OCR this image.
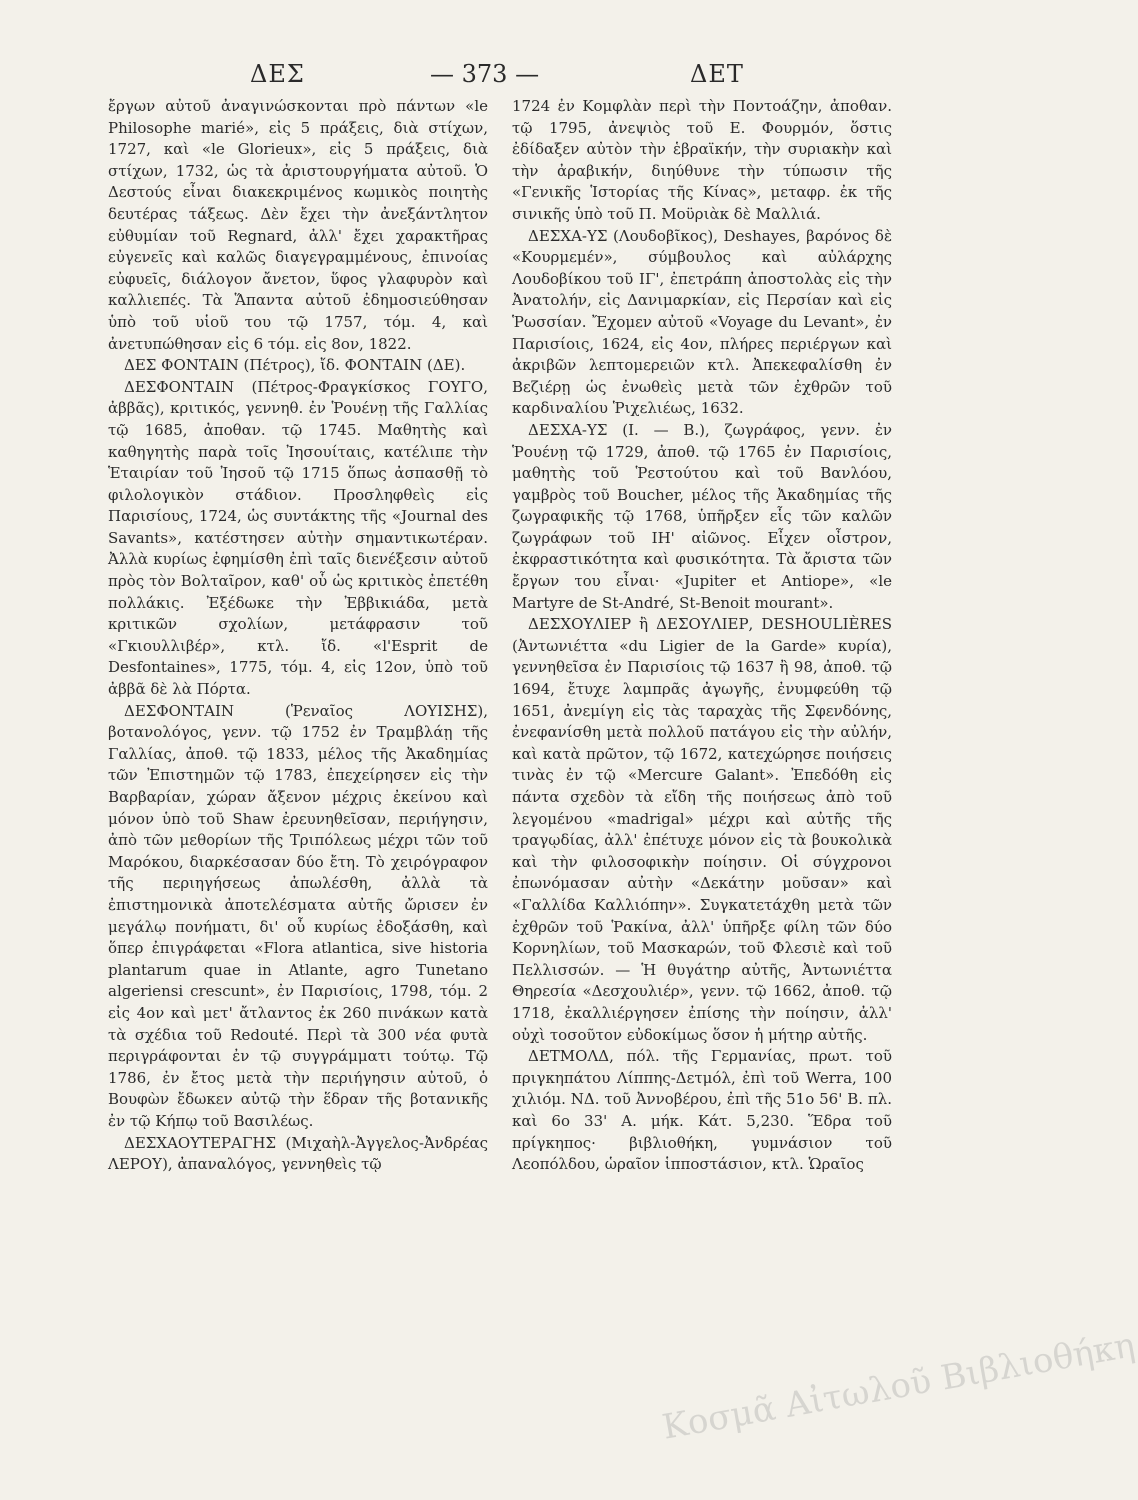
ΔΕΣ	— 373 —	ΔΕΤ

ἔργων αὐτοῦ ἀναγινώσκονται πρὸ πάντων «le Philosophe marié», εἰς 5 πράξεις, διὰ στίχων, 1727, καὶ «le Glorieux», εἰς 5 πράξεις, διὰ στίχων, 1732, ὡς τὰ ἀριστουργήματα αὐτοῦ. Ὁ Δεστούς εἶναι διακεκριμένος κωμικὸς ποιητὴς δευτέρας τάξεως. Δὲν ἔχει τὴν ἀνεξάντλητον εὐθυμίαν τοῦ Regnard, ἀλλ' ἔχει χαρακτῆρας εὐγενεῖς καὶ καλῶς διαγεγραμμένους, ἐπινοίας εὐφυεῖς, διάλογον ἄνετον, ὕφος γλαφυρὸν καὶ καλλιεπές. Τὰ Ἅπαντα αὐτοῦ ἐδημοσιεύθησαν ὑπὸ τοῦ υἱοῦ του τῷ 1757, τόμ. 4, καὶ ἀνετυπώθησαν εἰς 6 τόμ. εἰς 8ον, 1822.

ΔΕΣ ΦΟΝΤΑΙΝ (Πέτρος), ἴδ. ΦΟΝΤΑΙΝ (ΔΕ).

ΔΕΣΦΟΝΤΑΙΝ (Πέτρος-Φραγκίσκος ΓΟΥΓΟ, ἀββᾶς), κριτικός, γεννηθ. ἐν Ῥουένῃ τῆς Γαλλίας τῷ 1685, ἀποθαν. τῷ 1745. Μαθητὴς καὶ καθηγητὴς παρὰ τοῖς Ἰησουίταις, κατέλιπε τὴν Ἑταιρίαν τοῦ Ἰησοῦ τῷ 1715 ὅπως ἀσπασθῇ τὸ φιλολογικὸν στάδιον. Προσληφθεὶς εἰς Παρισίους, 1724, ὡς συντάκτης τῆς «Journal des Savants», κατέστησεν αὐτὴν σημαντικωτέραν. Ἀλλὰ κυρίως ἐφημίσθη ἐπὶ ταῖς διενέξεσιν αὐτοῦ πρὸς τὸν Βολταῖρον, καθ' οὗ ὡς κριτικὸς ἐπετέθη πολλάκις. Ἐξέδωκε τὴν Ἐββικιάδα, μετὰ κριτικῶν σχολίων, μετάφρασιν τοῦ «Γκιουλλιβέρ», κτλ. ἴδ. «l'Esprit de Desfontaines», 1775, τόμ. 4, εἰς 12ον, ὑπὸ τοῦ ἀββᾶ δὲ λὰ Πόρτα.

ΔΕΣΦΟΝΤΑΙΝ (Ῥεναῖος ΛΟΥΙΣΗΣ), βοτανολόγος, γενν. τῷ 1752 ἐν Τραμβλάῃ τῆς Γαλλίας, ἀποθ. τῷ 1833, μέλος τῆς Ἀκαδημίας τῶν Ἐπιστημῶν τῷ 1783, ἐπεχείρησεν εἰς τὴν Βαρβαρίαν, χώραν ἄξενον μέχρις ἐκείνου καὶ μόνον ὑπὸ τοῦ Shaw ἐρευνηθεῖσαν, περιήγησιν, ἀπὸ τῶν μεθορίων τῆς Τριπόλεως μέχρι τῶν τοῦ Μαρόκου, διαρκέσασαν δύο ἔτη. Τὸ χειρόγραφον τῆς περιηγήσεως ἀπωλέσθη, ἀλλὰ τὰ ἐπιστημονικὰ ἀποτελέσματα αὐτῆς ὤρισεν ἐν μεγάλῳ πονήματι, δι' οὗ κυρίως ἐδοξάσθη, καὶ ὅπερ ἐπιγράφεται «Flora atlantica, sive historia plantarum quae in Atlante, agro Tunetano algeriensi crescunt», ἐν Παρισίοις, 1798, τόμ. 2 εἰς 4ον καὶ μετ' ἄτλαντος ἐκ 260 πινάκων κατὰ τὰ σχέδια τοῦ Redouté. Περὶ τὰ 300 νέα φυτὰ περιγράφονται ἐν τῷ συγγράμματι τούτῳ. Τῷ 1786, ἐν ἔτος μετὰ τὴν περιήγησιν αὐτοῦ, ὁ Βουφὼν ἔδωκεν αὐτῷ τὴν ἕδραν τῆς βοτανικῆς ἐν τῷ Κήπῳ τοῦ Βασιλέως.

ΔΕΣΧΑΟΥΤΕΡΑΓΗΣ (Μιχαὴλ-Ἀγγελος-Ἀνδρέας ΛΕΡΟΥ), ἀπαναλόγος, γεννηθεὶς τῷ

1724 ἐν Κομφλὰν περὶ τὴν Ποντοάζην, ἀποθαν. τῷ 1795, ἀνεψιὸς τοῦ Ε. Φουρμόν, ὅστις ἐδίδαξεν αὐτὸν τὴν ἑβραϊκήν, τὴν συριακὴν καὶ τὴν ἀραβικήν, διηύθυνε τὴν τύπωσιν τῆς «Γενικῆς Ἱστορίας τῆς Κίνας», μεταφρ. ἐκ τῆς σινικῆς ὑπὸ τοῦ Π. Μοϋριὰκ δὲ Μαλλιά.

ΔΕΣΧΑ-ΥΣ (Λουδοβῖκος), Deshayes, βαρόνος δὲ «Κουρμεμέν», σύμβουλος καὶ αὐλάρχης Λουδοβίκου τοῦ ΙΓ', ἐπετράπη ἀποστολὰς εἰς τὴν Ἀνατολήν, εἰς Δανιμαρκίαν, εἰς Περσίαν καὶ εἰς Ῥωσσίαν. Ἔχομεν αὐτοῦ «Voyage du Levant», ἐν Παρισίοις, 1624, εἰς 4ον, πλήρες περιέργων καὶ ἀκριβῶν λεπτομερειῶν κτλ. Ἀπεκεφαλίσθη ἐν Βεζιέρῃ ὡς ἐνωθεὶς μετὰ τῶν ἐχθρῶν τοῦ καρδιναλίου Ῥιχελιέως, 1632.

ΔΕΣΧΑ-ΥΣ (Ι. — Β.), ζωγράφος, γενν. ἐν Ῥουένῃ τῷ 1729, ἀποθ. τῷ 1765 ἐν Παρισίοις, μαθητὴς τοῦ Ῥεστούτου καὶ τοῦ Βανλόου, γαμβρὸς τοῦ Boucher, μέλος τῆς Ἀκαδημίας τῆς ζωγραφικῆς τῷ 1768, ὑπῆρξεν εἷς τῶν καλῶν ζωγράφων τοῦ ΙΗ' αἰῶνος. Εἶχεν οἶστρον, ἐκφραστικότητα καὶ φυσικότητα. Τὰ ἄριστα τῶν ἔργων του εἶναι· «Jupiter et Antiope», «le Martyre de St-André, St-Benoit mourant».

ΔΕΣΧΟΥΛΙΕΡ ἢ ΔΕΣΟΥΛΙΕΡ, DESHOULIÈRES (Ἀντωνιέττα «du Ligier de la Garde» κυρία), γεννηθεῖσα ἐν Παρισίοις τῷ 1637 ἢ 98, ἀποθ. τῷ 1694, ἔτυχε λαμπρᾶς ἀγωγῆς, ἐνυμφεύθη τῷ 1651, ἀνεμίγη εἰς τὰς ταραχὰς τῆς Σφενδόνης, ἐνεφανίσθη μετὰ πολλοῦ πατάγου εἰς τὴν αὐλήν, καὶ κατὰ πρῶτον, τῷ 1672, κατεχώρησε ποιήσεις τινὰς ἐν τῷ «Mercure Galant». Ἐπεδόθη εἰς πάντα σχεδὸν τὰ εἴδη τῆς ποιήσεως ἀπὸ τοῦ λεγομένου «madrigal» μέχρι καὶ αὐτῆς τῆς τραγῳδίας, ἀλλ' ἐπέτυχε μόνον εἰς τὰ βουκολικὰ καὶ τὴν φιλοσοφικὴν ποίησιν. Οἱ σύγχρονοι ἐπωνόμασαν αὐτὴν «Δεκάτην μοῦσαν» καὶ «Γαλλίδα Καλλιόπην». Συγκατετάχθη μετὰ τῶν ἐχθρῶν τοῦ Ῥακίνα, ἀλλ' ὑπῆρξε φίλη τῶν δύο Κορνηλίων, τοῦ Μασκαρών, τοῦ Φλεσιὲ καὶ τοῦ Πελλισσών. — Ἡ θυγάτηρ αὐτῆς, Ἀντωνιέττα Θηρεσία «Δεσχουλιέρ», γενν. τῷ 1662, ἀποθ. τῷ 1718, ἐκαλλιέργησεν ἐπίσης τὴν ποίησιν, ἀλλ' οὐχὶ τοσοῦτον εὐδοκίμως ὅσον ἡ μήτηρ αὐτῆς.

ΔΕΤΜΟΛΔ, πόλ. τῆς Γερμανίας, πρωτ. τοῦ πριγκηπάτου Λίππης-Δετμόλ, ἐπὶ τοῦ Werra, 100 χιλιόμ. ΝΔ. τοῦ Ἀννοβέρου, ἐπὶ τῆς 51ο 56' Β. πλ. καὶ 6ο 33' Α. μήκ. Κάτ. 5,230. Ἕδρα τοῦ πρίγκηπος· βιβλιοθήκη, γυμνάσιον τοῦ Λεοπόλδου, ὡραῖον ἱπποστάσιον, κτλ. Ὡραῖος

Κοσμᾶ Αἰτωλοῦ Βιβλιοθήκη
